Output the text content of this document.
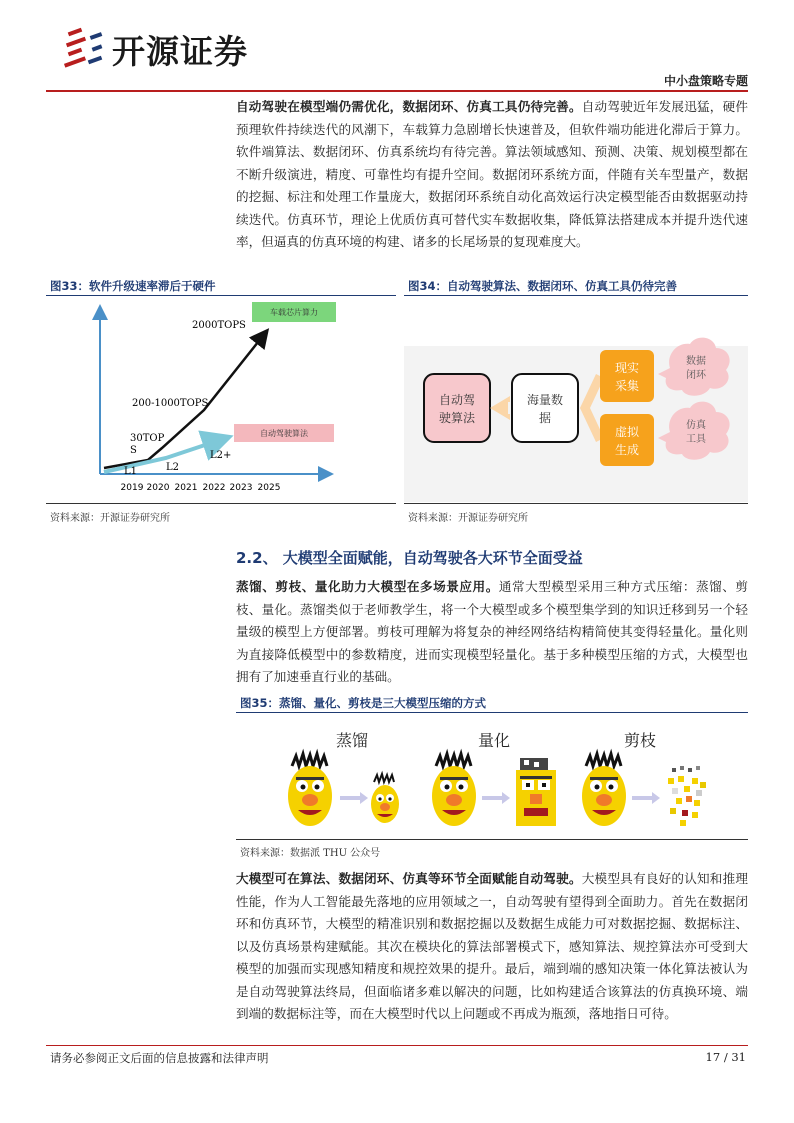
开源证券
中小盘策略专题
自动驾驶在模型端仍需优化，数据闭环、仿真工具仍待完善。自动驾驶近年发展迅猛，硬件预理软件持续迭代的风潮下，车载算力急剧增长快速普及，但软件端功能进化滞后于算力。软件端算法、数据闭环、仿真系统均有待完善。算法领域感知、预测、决策、规划模型都在不断升级演进，精度、可靠性均有提升空间。数据闭环系统方面，伴随有关车型量产，数据的挖掘、标注和处理工作量庞大，数据闭环系统自动化高效运行决定模型能否由数据驱动持续迭代。仿真环节，理论上优质仿真可替代实车数据收集，降低算法搭建成本并提升迭代速率，但逼真的仿真环境的构建、诸多的长尾场景的复现难度大。
图33：软件升级速率滞后于硬件
车载芯片算力
自动驾驶算法
2000TOPS
200-1000TOPS
30TOP
S
L1	L2
L2+
2019 2020 2021 2022 2023 2025
资料来源：开源证券研究所
图34：自动驾驶算法、数据闭环、仿真工具仍待完善
自动驾
驶算法
海量数
据
现实
采集
虚拟
生成
数据
闭环
仿真
工具
资料来源：开源证券研究所
2.2、 大模型全面赋能，自动驾驶各大环节全面受益
蒸馏、剪枝、量化助力大模型在多场景应用。通常大型模型采用三种方式压缩：蒸馏、剪枝、量化。蒸馏类似于老师教学生，将一个大模型或多个模型集学到的知识迁移到另一个轻量级的模型上方便部署。剪枝可理解为将复杂的神经网络结构精简使其变得轻量化。量化则为直接降低模型中的参数精度，进而实现模型轻量化。基于多种模型压缩的方式，大模型也拥有了加速垂直行业的基础。
图35：蒸馏、量化、剪枝是三大模型压缩的方式
蒸馏	量化	剪枝
资料来源：数据派 THU 公众号
大模型可在算法、数据闭环、仿真等环节全面赋能自动驾驶。大模型具有良好的认知和推理性能，作为人工智能最先落地的应用领域之一，自动驾驶有望得到全面助力。首先在数据闭环和仿真环节，大模型的精准识别和数据挖掘以及数据生成能力可对数据挖掘、数据标注、以及仿真场景构建赋能。其次在模块化的算法部署模式下，感知算法、规控算法亦可受到大模型的加强而实现感知精度和规控效果的提升。最后，端到端的感知决策一体化算法被认为是自动驾驶算法终局，但面临诸多难以解决的问题，比如构建适合该算法的仿真换环境、端到端的数据标注等，而在大模型时代以上问题或不再成为瓶颈，落地指日可待。
请务必参阅正文后面的信息披露和法律声明	17 / 31
